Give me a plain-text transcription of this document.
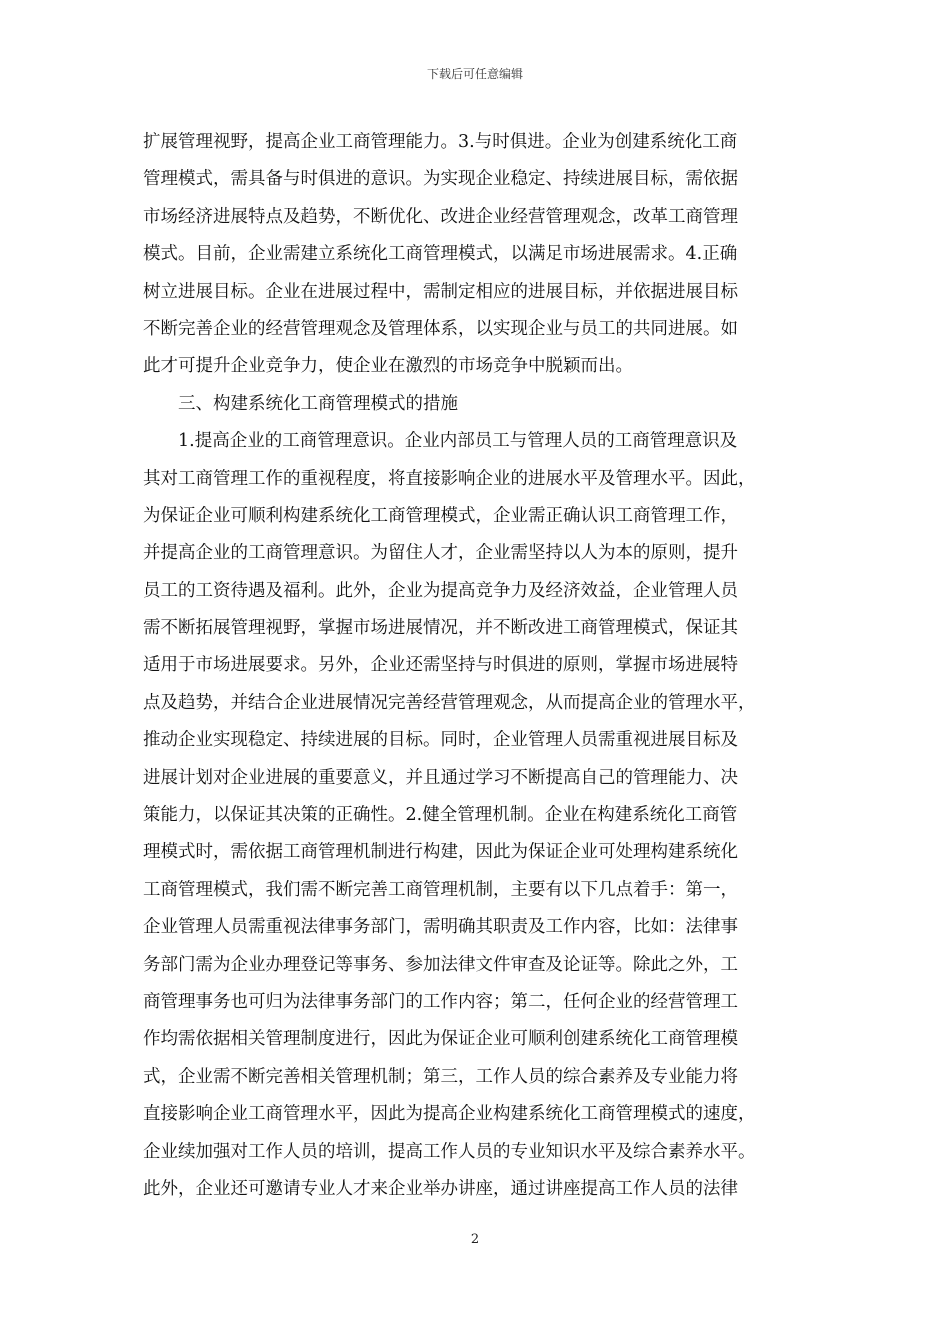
下载后可任意编辑
扩展管理视野，提高企业工商管理能力。3.与时俱进。企业为创建系统化工商
管理模式，需具备与时俱进的意识。为实现企业稳定、持续进展目标，需依据
市场经济进展特点及趋势，不断优化、改进企业经营管理观念，改革工商管理
模式。目前，企业需建立系统化工商管理模式，以满足市场进展需求。4.正确
树立进展目标。企业在进展过程中，需制定相应的进展目标，并依据进展目标
不断完善企业的经营管理观念及管理体系，以实现企业与员工的共同进展。如
此才可提升企业竞争力，使企业在激烈的市场竞争中脱颖而出。
三、构建系统化工商管理模式的措施
1.提高企业的工商管理意识。企业内部员工与管理人员的工商管理意识及
其对工商管理工作的重视程度，将直接影响企业的进展水平及管理水平。因此，
为保证企业可顺利构建系统化工商管理模式，企业需正确认识工商管理工作，
并提高企业的工商管理意识。为留住人才，企业需坚持以人为本的原则，提升
员工的工资待遇及福利。此外，企业为提高竞争力及经济效益，企业管理人员
需不断拓展管理视野，掌握市场进展情况，并不断改进工商管理模式，保证其
适用于市场进展要求。另外，企业还需坚持与时俱进的原则，掌握市场进展特
点及趋势，并结合企业进展情况完善经营管理观念，从而提高企业的管理水平，
推动企业实现稳定、持续进展的目标。同时，企业管理人员需重视进展目标及
进展计划对企业进展的重要意义，并且通过学习不断提高自己的管理能力、决
策能力，以保证其决策的正确性。2.健全管理机制。企业在构建系统化工商管
理模式时，需依据工商管理机制进行构建，因此为保证企业可处理构建系统化
工商管理模式，我们需不断完善工商管理机制，主要有以下几点着手：第一，
企业管理人员需重视法律事务部门，需明确其职责及工作内容，比如：法律事
务部门需为企业办理登记等事务、参加法律文件审查及论证等。除此之外，工
商管理事务也可归为法律事务部门的工作内容；第二，任何企业的经营管理工
作均需依据相关管理制度进行，因此为保证企业可顺利创建系统化工商管理模
式，企业需不断完善相关管理机制；第三，工作人员的综合素养及专业能力将
直接影响企业工商管理水平，因此为提高企业构建系统化工商管理模式的速度，
企业续加强对工作人员的培训，提高工作人员的专业知识水平及综合素养水平。
此外，企业还可邀请专业人才来企业举办讲座，通过讲座提高工作人员的法律
2
